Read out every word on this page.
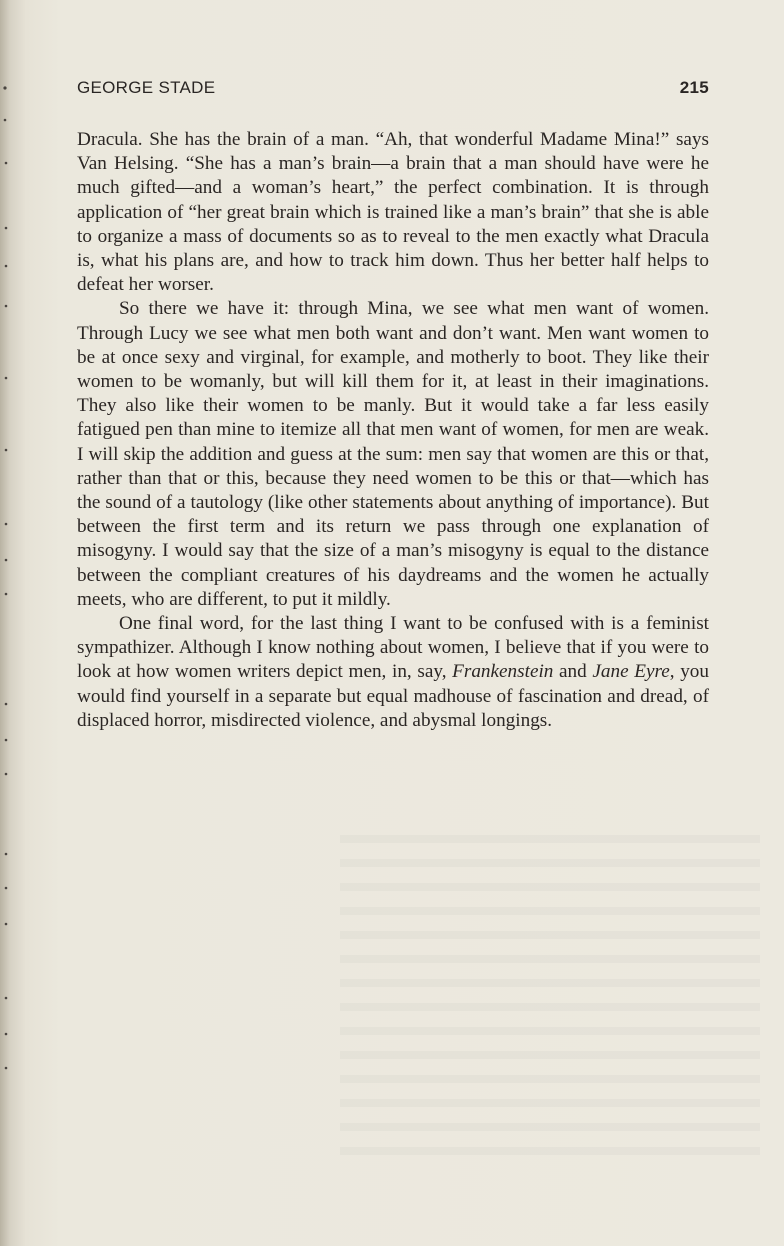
GEORGE STADE	215

Dracula. She has the brain of a man. “Ah, that wonderful Madame Mina!” says Van Helsing. “She has a man’s brain—a brain that a man should have were he much gifted—and a woman’s heart,” the perfect combination. It is through application of “her great brain which is trained like a man’s brain” that she is able to organize a mass of documents so as to reveal to the men exactly what Dracula is, what his plans are, and how to track him down. Thus her better half helps to defeat her worser.

So there we have it: through Mina, we see what men want of women. Through Lucy we see what men both want and don’t want. Men want women to be at once sexy and virginal, for example, and motherly to boot. They like their women to be womanly, but will kill them for it, at least in their imaginations. They also like their women to be manly. But it would take a far less easily fatigued pen than mine to itemize all that men want of women, for men are weak. I will skip the addition and guess at the sum: men say that women are this or that, rather than that or this, because they need women to be this or that—which has the sound of a tautology (like other statements about anything of importance). But between the first term and its return we pass through one explanation of misogyny. I would say that the size of a man’s misogyny is equal to the distance between the compliant creatures of his daydreams and the women he actually meets, who are different, to put it mildly.

One final word, for the last thing I want to be confused with is a feminist sympathizer. Although I know nothing about women, I believe that if you were to look at how women writers depict men, in, say, Frankenstein and Jane Eyre, you would find yourself in a separate but equal madhouse of fascination and dread, of displaced horror, misdirected violence, and abysmal longings.
